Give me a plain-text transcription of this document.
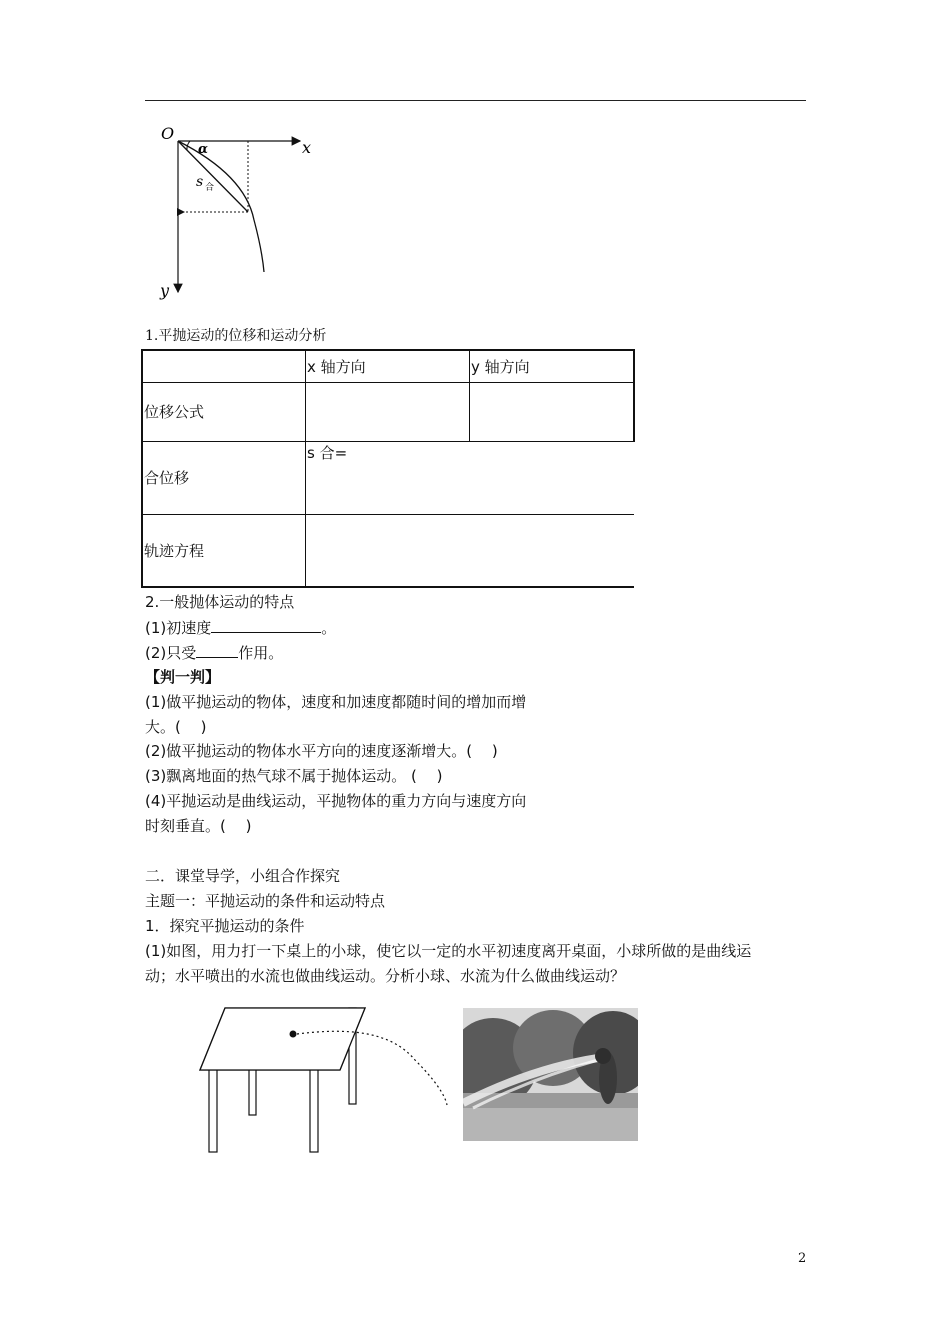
O
α	x
y
s 合
1.平抛运动的位移和运动分析
	x 轴方向	y 轴方向
位移公式		
合位移	s 合=	
轨迹方程		
2.一般抛体运动的特点
(1)初速度	。
(2)只受	作用。
【判一判】
(1)做平抛运动的物体，速度和加速度都随时间的增加而增
大。(　 )
(2)做平抛运动的物体水平方向的速度逐渐增大。(　 )
(3)飘离地面的热气球不属于抛体运动。 (　 )
(4)平抛运动是曲线运动，平抛物体的重力方向与速度方向
时刻垂直。(　 )
二．课堂导学，小组合作探究
主题一：平抛运动的条件和运动特点
1．探究平抛运动的条件
(1)如图，用力打一下桌上的小球，使它以一定的水平初速度离开桌面，小球所做的是曲线运
动；水平喷出的水流也做曲线运动。分析小球、水流为什么做曲线运动？
2
